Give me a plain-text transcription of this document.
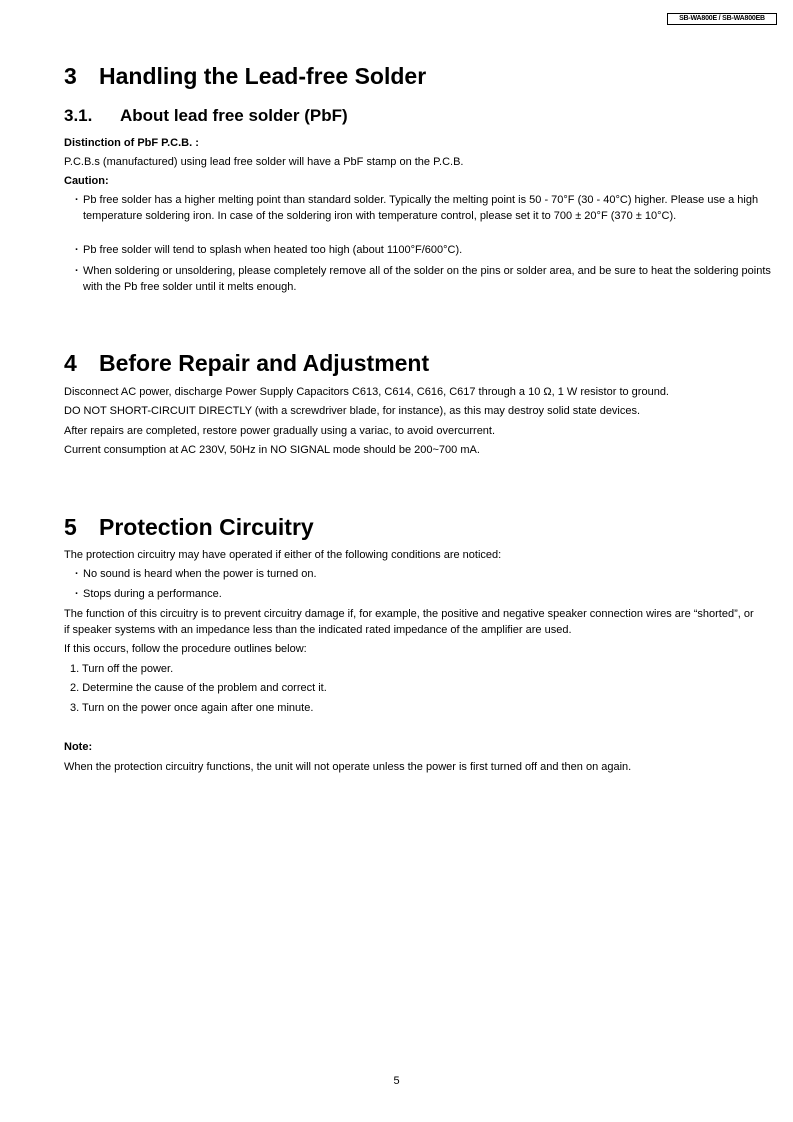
SB-WA800E / SB-WA800EB
3 Handling the Lead-free Solder
3.1. About lead free solder (PbF)

Distinction of PbF P.C.B. :

P.C.B.s (manufactured) using lead free solder will have a PbF stamp on the P.C.B.

Caution:

· Pb free solder has a higher melting point than standard solder. Typically the melting point is 50 - 70°F (30 - 40°C) higher. Please use a high temperature soldering iron. In case of the soldering iron with temperature control, please set it to 700 ± 20°F (370 ± 10°C).

· Pb free solder will tend to splash when heated too high (about 1100°F/600°C).

· When soldering or unsoldering, please completely remove all of the solder on the pins or solder area, and be sure to heat the soldering points with the Pb free solder until it melts enough.

4 Before Repair and Adjustment

Disconnect AC power, discharge Power Supply Capacitors C613, C614, C616, C617 through a 10 Ω, 1 W resistor to ground.

DO NOT SHORT-CIRCUIT DIRECTLY (with a screwdriver blade, for instance), as this may destroy solid state devices.

After repairs are completed, restore power gradually using a variac, to avoid overcurrent.

Current consumption at AC 230V, 50Hz in NO SIGNAL mode should be 200~700 mA.

5 Protection Circuitry

The protection circuitry may have operated if either of the following conditions are noticed:

· No sound is heard when the power is turned on.

· Stops during a performance.

The function of this circuitry is to prevent circuitry damage if, for example, the positive and negative speaker connection wires are “shorted”, or if speaker systems with an impedance less than the indicated rated impedance of the amplifier are used.

If this occurs, follow the procedure outlines below:

1. Turn off the power.

2. Determine the cause of the problem and correct it.

3. Turn on the power once again after one minute.

Note:

When the protection circuitry functions, the unit will not operate unless the power is first turned off and then on again.

5
